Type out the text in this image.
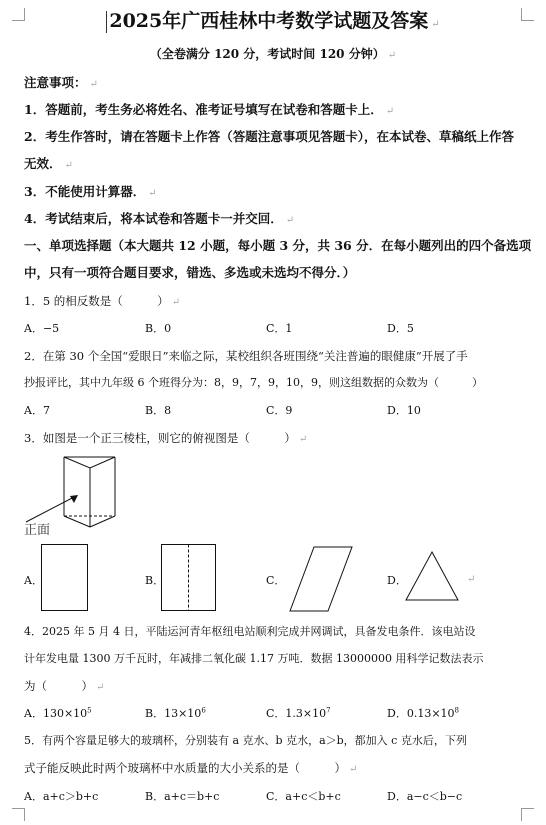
2025年广西桂林中考数学试题及答案 ↵
（全卷满分 120 分，考试时间 120 分钟） ↵
注意事项： ↵
1．答题前，考生务必将姓名、准考证号填写在试卷和答题卡上． ↵
2．考生作答时，请在答题卡上作答（答题注意事项见答题卡），在本试卷、草稿纸上作答
无效． ↵
3．不能使用计算器． ↵
4．考试结束后，将本试卷和答题卡一并交回． ↵
一、单项选择题（本大题共 12 小题，每小题 3 分，共 36 分．在每小题列出的四个备选项
中，只有一项符合题目要求，错选、多选或未选均不得分．）
1．5 的相反数是（　　　） ↵
A．−5	B．0	C．1	D．5
2．在第 30 个全国“爱眼日”来临之际，某校组织各班围绕“关注普遍的眼健康”开展了手
抄报评比，其中九年级 6 个班得分为：8，9，7，9，10，9，则这组数据的众数为（　　　）
A．7	B．8	C．9	D．10
3．如图是一个正三棱柱，则它的俯视图是（　　　） ↵
正面
A．	B．	C．	D．	↵
4．2025 年 5 月 4 日，平陆运河青年枢纽电站顺利完成并网调试，具备发电条件．该电站设
计年发电量 1300 万千瓦时，年减排二氧化碳 1.17 万吨．数据 13000000 用科学记数法表示
为（　　　） ↵
A．$130\times 10^5$	B．$13\times 10^6$	C．$1.3\times 10^7$	D．$0.13\times 10^8$
5．有两个容量足够大的玻璃杯，分别装有 a 克水、b 克水，a＞b，都加入 c 克水后，下列
式子能反映此时两个玻璃杯中水质量的大小关系的是（　　　） ↵
A．a+c＞b+c	B．a+c＝b+c	C．a+c＜b+c	D．a−c＜b−c
